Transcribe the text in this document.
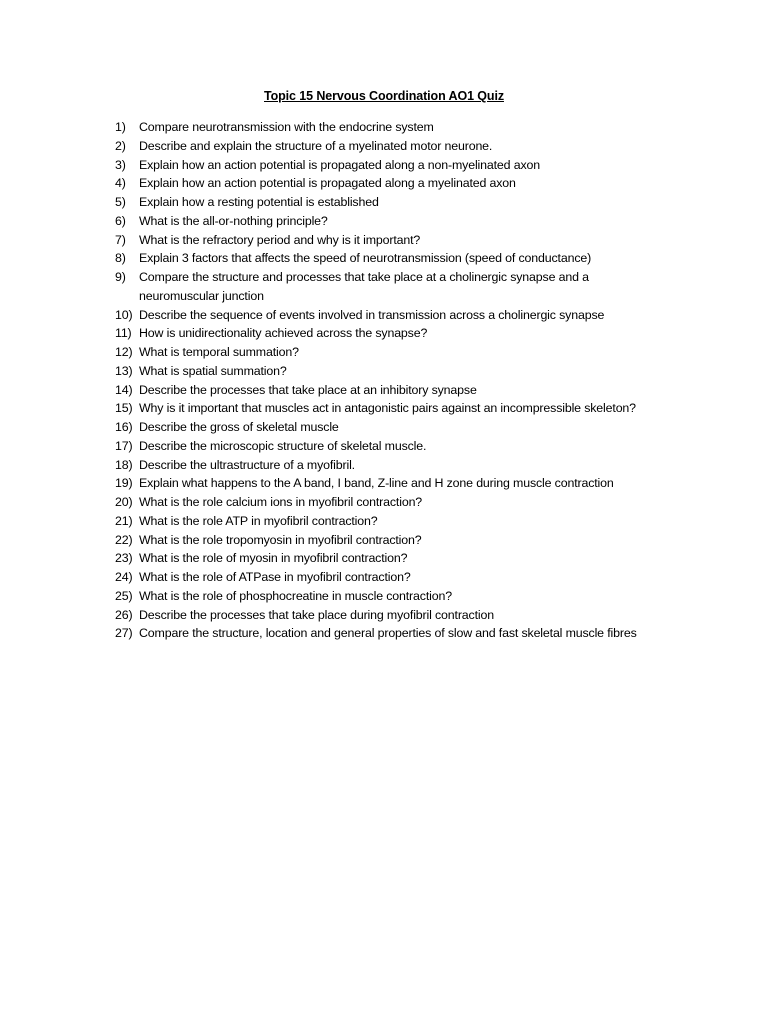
Topic 15 Nervous Coordination AO1 Quiz
1)	Compare neurotransmission with the endocrine system
2)	Describe and explain the structure of a myelinated motor neurone.
3)	Explain how an action potential is propagated along a non-myelinated axon
4)	Explain how an action potential is propagated along a myelinated axon
5)	Explain how a resting potential is established
6)	What is the all-or-nothing principle?
7)	What is the refractory period and why is it important?
8)	Explain 3 factors that affects the speed of neurotransmission (speed of conductance)
9)	Compare the structure and processes that take place at a cholinergic synapse and a neuromuscular junction
10) Describe the sequence of events involved in transmission across a cholinergic synapse
11) How is unidirectionality achieved across the synapse?
12) What is temporal summation?
13) What is spatial summation?
14) Describe the processes that take place at an inhibitory synapse
15) Why is it important that muscles act in antagonistic pairs against an incompressible skeleton?
16) Describe the gross of skeletal muscle
17) Describe the microscopic structure of skeletal muscle.
18) Describe the ultrastructure of a myofibril.
19) Explain what happens to the A band, I band, Z-line and H zone during muscle contraction
20) What is the role calcium ions in myofibril contraction?
21) What is the role ATP in myofibril contraction?
22) What is the role tropomyosin in myofibril contraction?
23) What is the role of myosin in myofibril contraction?
24) What is the role of ATPase in myofibril contraction?
25) What is the role of phosphocreatine in muscle contraction?
26) Describe the processes that take place during myofibril contraction
27) Compare the structure, location and general properties of slow and fast skeletal muscle fibres
